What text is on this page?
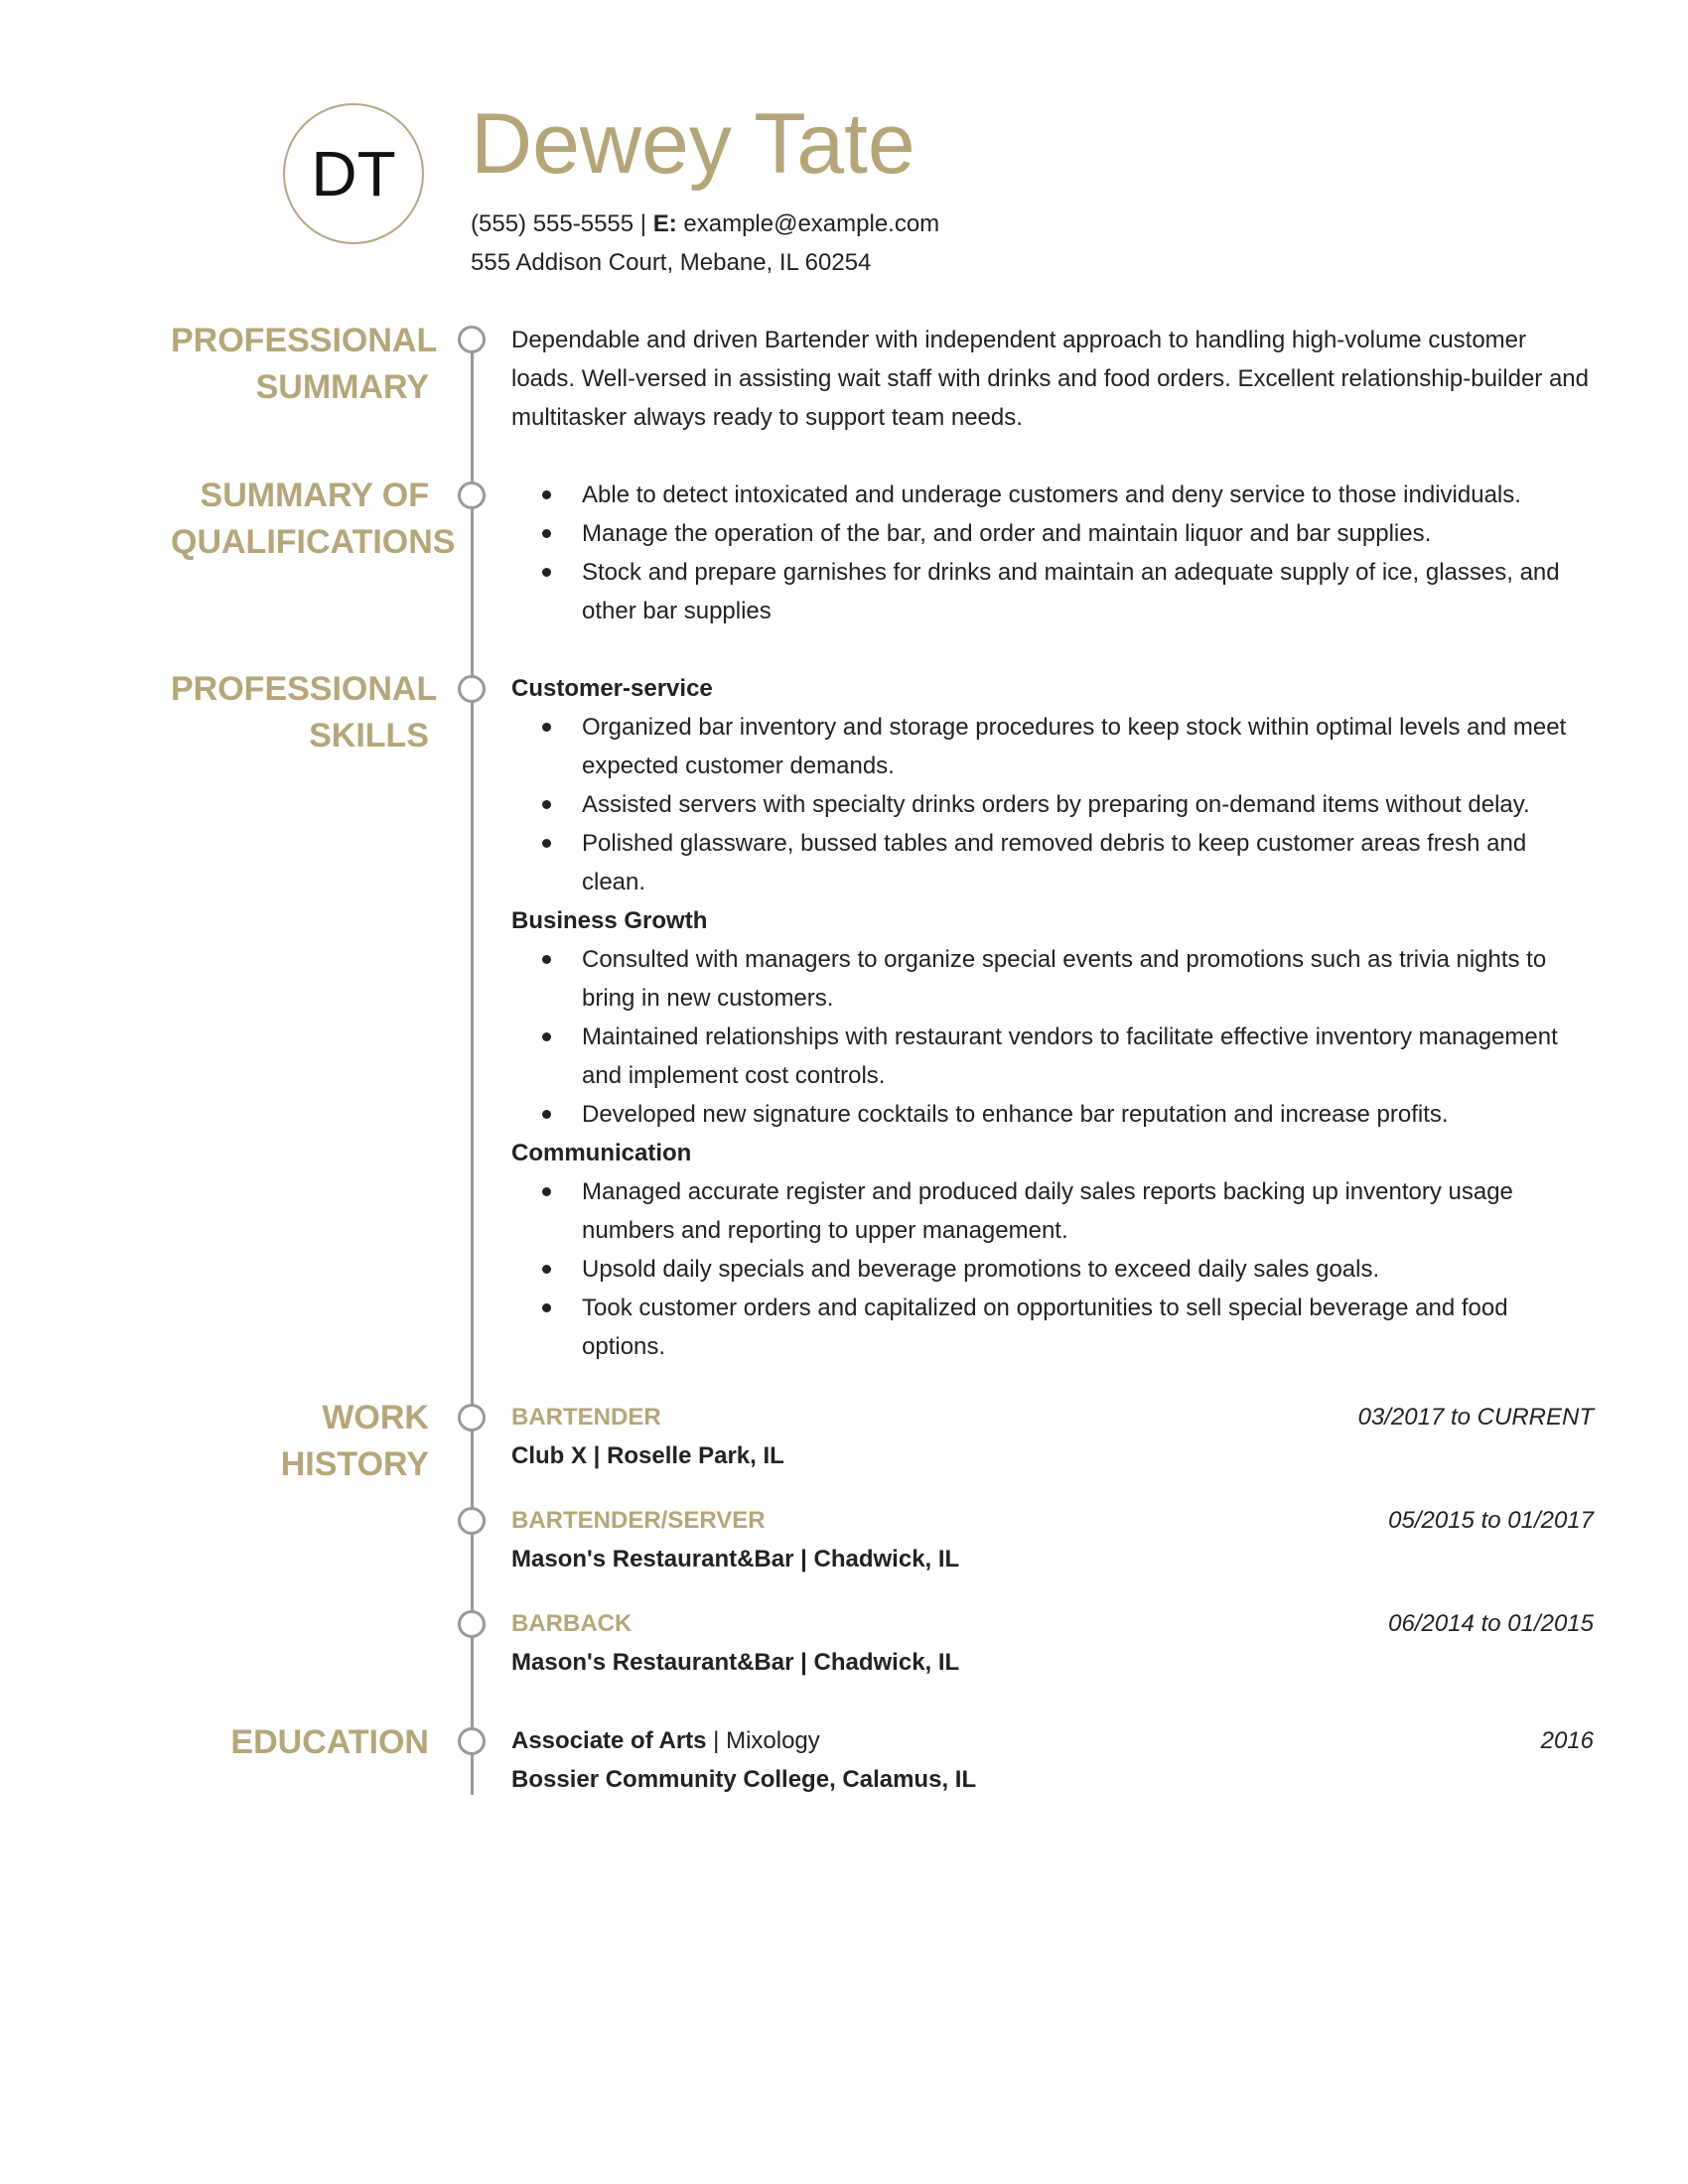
DT Dewey Tate
(555) 555-5555 | E: example@example.com
555 Addison Court, Mebane, IL 60254
PROFESSIONAL
SUMMARY

Dependable and driven Bartender with independent approach to handling high-volume customer loads. Well-versed in assisting wait staff with drinks and food orders. Excellent relationship-builder and multitasker always ready to support team needs.

SUMMARY OF
QUALIFICATIONS
Able to detect intoxicated and underage customers and deny service to those individuals.
Manage the operation of the bar, and order and maintain liquor and bar supplies.
Stock and prepare garnishes for drinks and maintain an adequate supply of ice, glasses, and other bar supplies
PROFESSIONAL
SKILLS
Customer-service
Organized bar inventory and storage procedures to keep stock within optimal levels and meet expected customer demands.
Assisted servers with specialty drinks orders by preparing on-demand items without delay.
Polished glassware, bussed tables and removed debris to keep customer areas fresh and clean.
Business Growth
Consulted with managers to organize special events and promotions such as trivia nights to bring in new customers.
Maintained relationships with restaurant vendors to facilitate effective inventory management and implement cost controls.
Developed new signature cocktails to enhance bar reputation and increase profits.
Communication
Managed accurate register and produced daily sales reports backing up inventory usage numbers and reporting to upper management.
Upsold daily specials and beverage promotions to exceed daily sales goals.
Took customer orders and capitalized on opportunities to sell special beverage and food options.
WORK HISTORY
BARTENDER	03/2017 to CURRENT
Club X | Roselle Park, IL
BARTENDER/SERVER	05/2015 to 01/2017
Mason's Restaurant&Bar | Chadwick, IL
BARBACK	06/2014 to 01/2015
Mason's Restaurant&Bar | Chadwick, IL
EDUCATION	Associate of Arts | Mixology	2016
Bossier Community College, Calamus, IL
